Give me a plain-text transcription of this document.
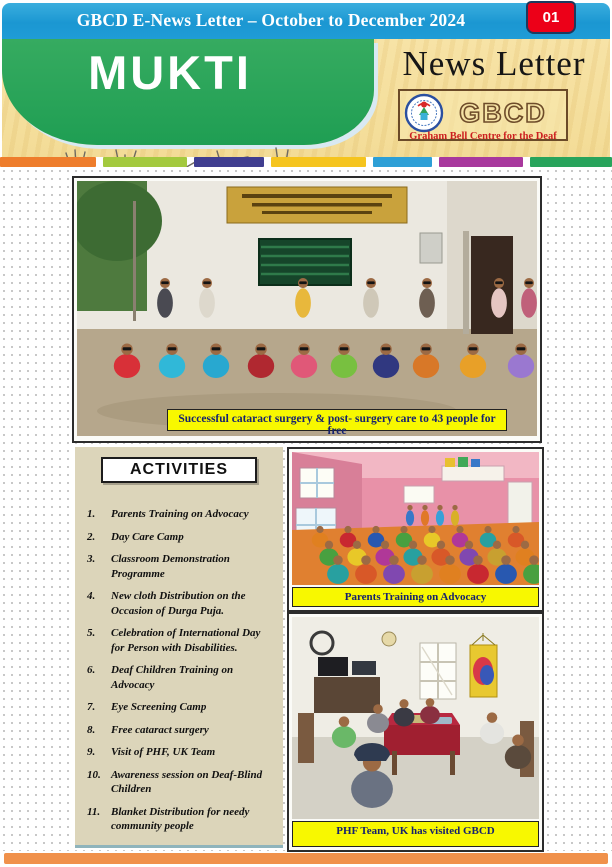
GBCD E-News Letter – October to December 2024	01
MUKTI	News Letter
GBCD
Graham Bell Centre for the Deaf
Successful cataract surgery & post- surgery care to 43 people for free
ACTIVITIES
1.	Parents Training on Advocacy
2.	Day Care Camp
3.	Classroom Demonstration Programme
4.	New cloth Distribution on the Occasion of Durga Puja.
5.	Celebration of International Day for Person with Disabilities.
6.	Deaf Children Training on Advocacy
7.	Eye Screening Camp
8.	Free cataract surgery
9.	Visit of PHF, UK Team
10. Awareness session on Deaf-Blind Children
11. Blanket Distribution for needy community people
Parents Training on Advocacy
PHF Team, UK has visited GBCD
